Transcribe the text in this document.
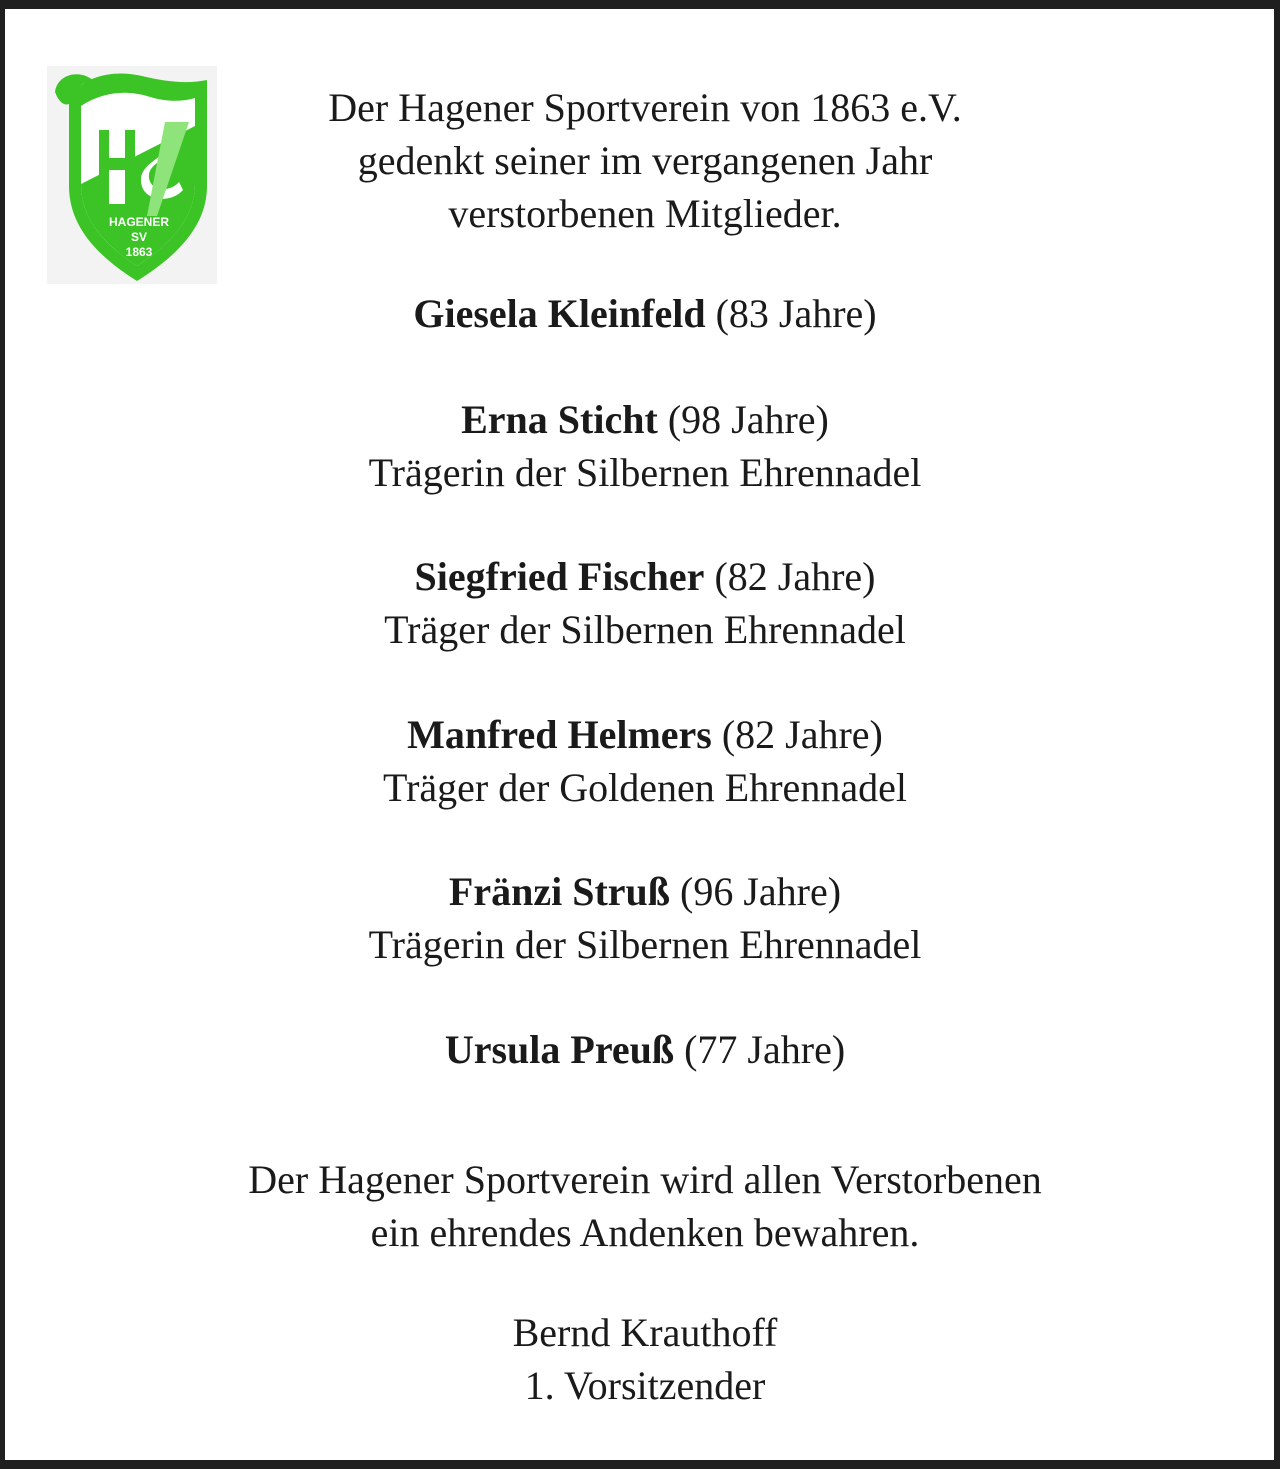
HAGENER
SV
1863
Der Hagener Sportverein von 1863 e.V.
gedenkt seiner im vergangenen Jahr
verstorbenen Mitglieder.
Giesela Kleinfeld (83 Jahre)
Erna Sticht (98 Jahre)
Trägerin der Silbernen Ehrennadel
Siegfried Fischer (82 Jahre)
Träger der Silbernen Ehrennadel
Manfred Helmers (82 Jahre)
Träger der Goldenen Ehrennadel
Fränzi Struß (96 Jahre)
Trägerin der Silbernen Ehrennadel
Ursula Preuß (77 Jahre)
Der Hagener Sportverein wird allen Verstorbenen
ein ehrendes Andenken bewahren.
Bernd Krauthoff
1. Vorsitzender
